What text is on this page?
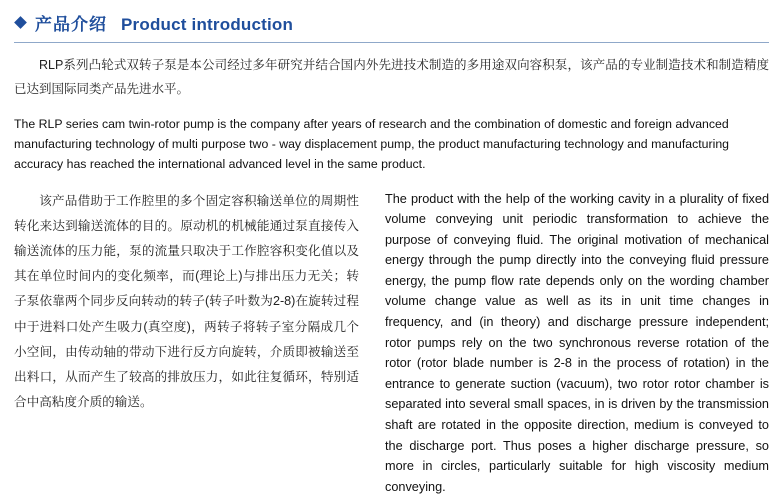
产品介绍 Product introduction

RLP系列凸轮式双转子泵是本公司经过多年研究并结合国内外先进技术制造的多用途双向容积泵，该产品的专业制造技术和制造精度已达到国际同类产品先进水平。

The RLP series cam twin-rotor pump is the company after years of research and the combination of domestic and foreign advanced manufacturing technology of multi purpose two - way displacement pump, the product manufacturing technology and manufacturing accuracy has reached the international advanced level in the same product.

该产品借助于工作腔里的多个固定容积输送单位的周期性转化来达到输送流体的目的。原动机的机械能通过泵直接传入输送流体的压力能，泵的流量只取决于工作腔容积变化值以及其在单位时间内的变化频率，而(理论上)与排出压力无关；转子泵依靠两个同步反向转动的转子(转子叶数为2-8)在旋转过程中于进料口处产生吸力(真空度)，两转子将转子室分隔成几个小空间，由传动轴的带动下进行反方向旋转，介质即被输送至出料口，从而产生了较高的排放压力，如此往复循环，特别适合中高粘度介质的输送。
The product with the help of the working cavity in a plurality of fixed volume conveying unit periodic transformation to achieve the purpose of conveying fluid. The original motivation of mechanical energy through the pump directly into the conveying fluid pressure energy, the pump flow rate depends only on the wording chamber volume change value as well as its in unit time changes in frequency, and (in theory) and discharge pressure independent; rotor pumps rely on the two synchronous reverse rotation of the rotor (rotor blade number is 2-8 in the process of rotation) in the entrance to generate suction (vacuum), two rotor rotor chamber is separated into several small spaces, in is driven by the transmission shaft are rotated in the opposite direction, medium is conveyed to the discharge port. Thus poses a higher discharge pressure, so more in circles, particularly suitable for high viscosity medium conveying.
